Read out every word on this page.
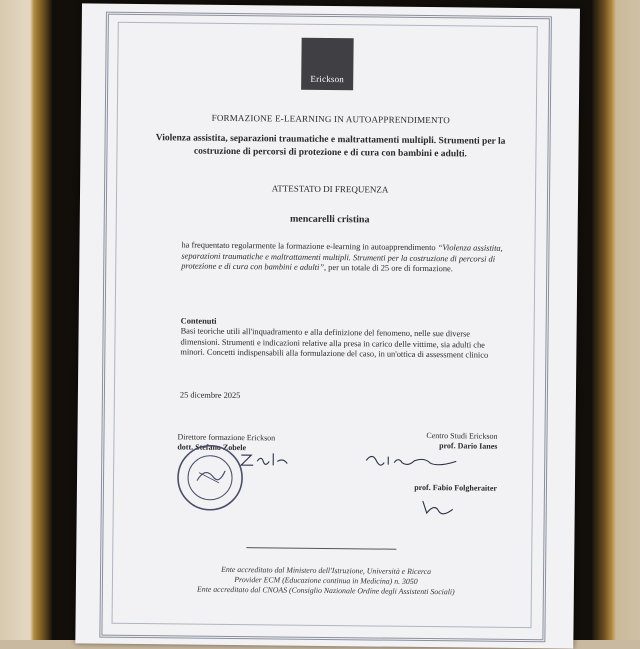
Erickson
FORMAZIONE E-LEARNING IN AUTOAPPRENDIMENTO
Violenza assistita, separazioni traumatiche e maltrattamenti multipli. Strumenti per la costruzione di percorsi di protezione e di cura con bambini e adulti.
ATTESTATO DI FREQUENZA
mencarelli cristina
ha frequentato regolarmente la formazione e-learning in autoapprendimento “Violenza assistita, separazioni traumatiche e maltrattamenti multipli. Strumenti per la costruzione di percorsi di protezione e di cura con bambini e adulti”, per un totale di 25 ore di formazione.
Contenuti
Basi teoriche utili all'inquadramento e alla definizione del fenomeno, nelle sue diverse dimensioni. Strumenti e indicazioni relative alla presa in carico delle vittime, sia adulti che minori. Concetti indispensabili alla formulazione del caso, in un'ottica di assessment clinico
25 dicembre 2025
Direttore formazione Erickson
dott. Stefano Zobele
Centro Studi Erickson
prof. Dario Ianes
prof. Fabio Folgheraiter
Ente accreditato dal Ministero dell'Istruzione, Università e Ricerca
Provider ECM (Educazione continua in Medicina) n. 3050
Ente accreditato dal CNOAS (Consiglio Nazionale Ordine degli Assistenti Sociali)
